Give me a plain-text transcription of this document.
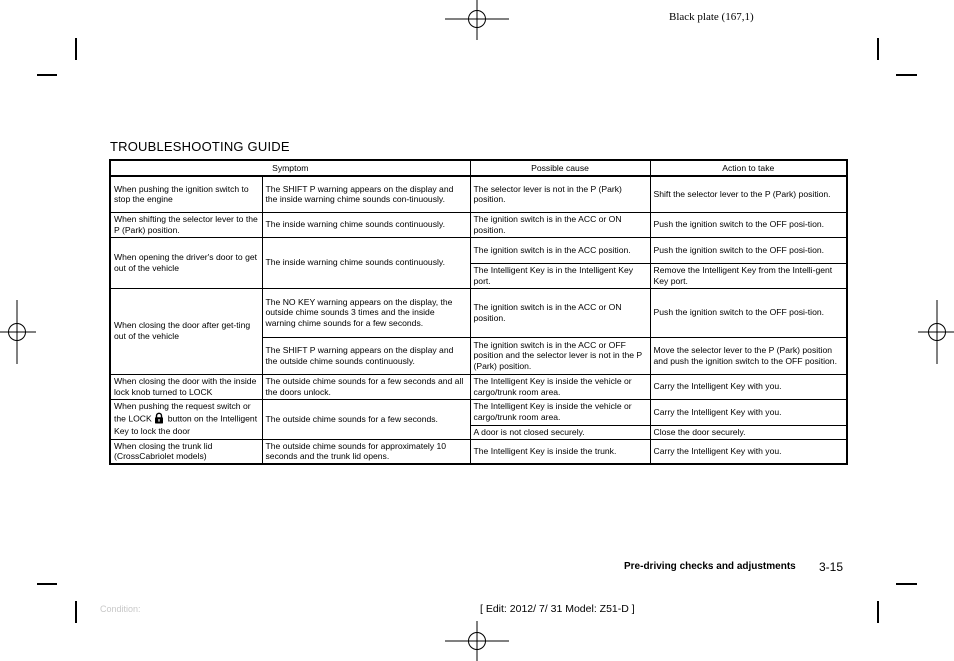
Black plate (167,1)
TROUBLESHOOTING GUIDE
Symptom		Possible cause	Action to take
When pushing the ignition switch to stop the engine	The SHIFT P warning appears on the display and the inside warning chime sounds con-tinuously.	The selector lever is not in the P (Park) position.	Shift the selector lever to the P (Park) position.
When shifting the selector lever to the P (Park) position.	The inside warning chime sounds continuously.	The ignition switch is in the ACC or ON position.	Push the ignition switch to the OFF posi-tion.
When opening the driver's door to get out of the vehicle	The inside warning chime sounds continuously.	The ignition switch is in the ACC position.	Push the ignition switch to the OFF posi-tion.
		The Intelligent Key is in the Intelligent Key port.	Remove the Intelligent Key from the Intelli-gent Key port.
When closing the door after get-ting out of the vehicle	The NO KEY warning appears on the display, the outside chime sounds 3 times and the inside warning chime sounds for a few seconds.	The ignition switch is in the ACC or ON position.	Push the ignition switch to the OFF posi-tion.
	The SHIFT P warning appears on the display and the outside chime sounds continuously.	The ignition switch is in the ACC or OFF position and the selector lever is not in the P (Park) position.	Move the selector lever to the P (Park) position and push the ignition switch to the OFF position.
When closing the door with the inside lock knob turned to LOCK	The outside chime sounds for a few seconds and all the doors unlock.	The Intelligent Key is inside the vehicle or cargo/trunk room area.	Carry the Intelligent Key with you.
When pushing the request switch or the LOCK button on the Intelligent Key to lock the door	The outside chime sounds for a few seconds.	The Intelligent Key is inside the vehicle or cargo/trunk room area.	Carry the Intelligent Key with you.
		A door is not closed securely.	Close the door securely.
When closing the trunk lid (CrossCabriolet models)	The outside chime sounds for approximately 10 seconds and the trunk lid opens.	The Intelligent Key is inside the trunk.	Carry the Intelligent Key with you.
Pre-driving checks and adjustments 3-15
Condition:	[ Edit: 2012/ 7/ 31 Model: Z51-D ]
